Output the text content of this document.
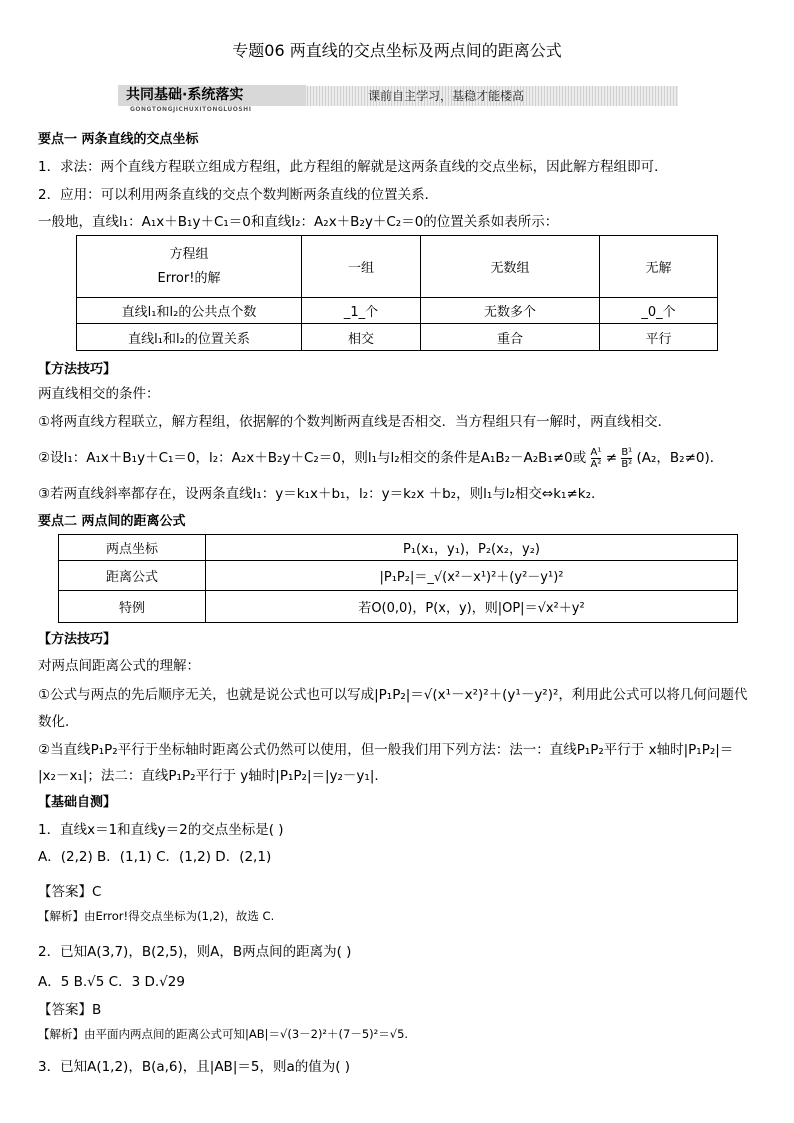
专题06 两直线的交点坐标及两点间的距离公式
共同基础·系统落实
GONGTONGJICHUXITONGLUOSHI
课前自主学习，基稳才能楼高
要点一 两条直线的交点坐标
1．求法：两个直线方程联立组成方程组，此方程组的解就是这两条直线的交点坐标，因此解方程组即可．
2．应用：可以利用两条直线的交点个数判断两条直线的位置关系．
一般地，直线l₁：A₁x＋B₁y＋C₁＝0和直线l₂：A₂x＋B₂y＋C₂＝0的位置关系如表所示：
方程组
Error!的解	一组	无数组	无解
直线l₁和l₂的公共点个数	_1_个	无数多个	_0_个
直线l₁和l₂的位置关系	相交	重合	平行
【方法技巧】
两直线相交的条件：
①将两直线方程联立，解方程组，依据解的个数判断两直线是否相交．当方程组只有一解时，两直线相交．
②设l₁：A₁x＋B₁y＋C₁＝0，l₂：A₂x＋B₂y＋C₂＝0，则l₁与l₂相交的条件是A₁B₂－A₂B₁≠0或 $\frac{\text{A¹}}{\text{A²}} \ne \frac{\text{B¹}}{\text{B²}} (A_2$，B₂≠0)．
③若两直线斜率都存在，设两条直线l₁：y＝k₁x＋b₁，l₂：y＝k₂x ＋b₂，则l₁与l₂相交⇔k₁≠k₂.
要点二 两点间的距离公式
两点坐标	P₁(x₁，y₁)，P₂(x₂，y₂)
距离公式	|P₁P₂|＝_√(x²－x¹)²＋(y²－y¹)²
特例	若O(0,0)，P(x，y)，则|OP|＝√x²＋y²
【方法技巧】
对两点间距离公式的理解：
①公式与两点的先后顺序无关，也就是说公式也可以写成|P₁P₂|＝√(x¹－x²)²＋(y¹－y²)²，利用此公式可以将几何问题代
数化．
②当直线P₁P₂平行于坐标轴时距离公式仍然可以使用，但一般我们用下列方法：法一：直线P₁P₂平行于 x轴时|P₁P₂|＝
|x₂－x₁|；法二：直线P₁P₂平行于 y轴时|P₁P₂|＝|y₂－y₁|.
【基础自测】
1．直线x＝1和直线y＝2的交点坐标是( )
A．(2,2) B．(1,1) C．(1,2) D．(2,1)
【答案】C
【解析】由Error!得交点坐标为(1,2)，故选 C.
2．已知A(3,7)，B(2,5)，则A，B两点间的距离为( )
A．5 B.√5 C．3 D.√29
【答案】B
【解析】由平面内两点间的距离公式可知|AB|＝√(3－2)²＋(7－5)²＝√5.
3．已知A(1,2)，B(a,6)，且|AB|＝5，则a的值为( )
